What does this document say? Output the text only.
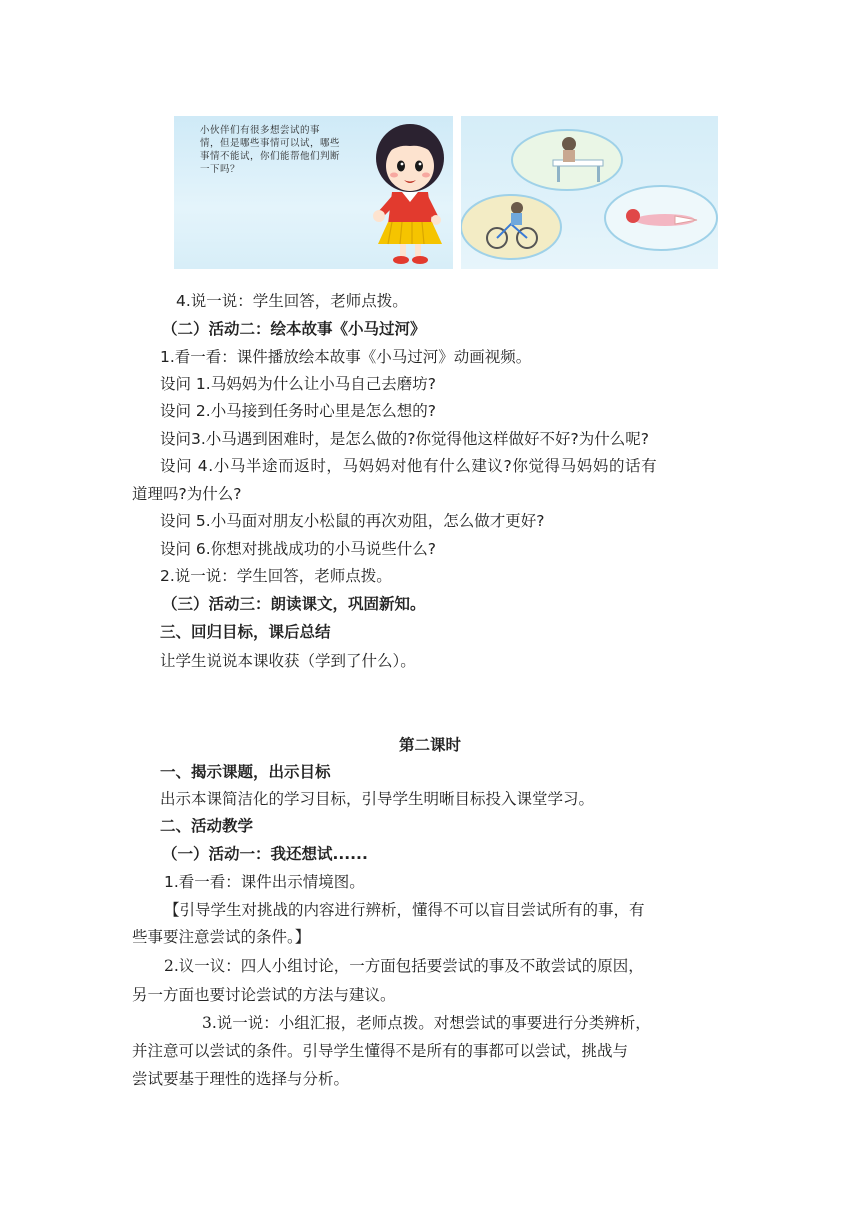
小伙伴们有很多想尝试的事
情，但是哪些事情可以试，哪些
事情不能试，你们能帮他们判断
一下吗？
4.说一说：学生回答，老师点拨。
（二）活动二：绘本故事《小马过河》
1.看一看：课件播放绘本故事《小马过河》动画视频。
设问 1.马妈妈为什么让小马自己去磨坊?
设问 2.小马接到任务时心里是怎么想的?
设问3.小马遇到困难时，是怎么做的?你觉得他这样做好不好?为什么呢?
设问 4.小马半途而返时，马妈妈对他有什么建议?你觉得马妈妈的话有
道理吗?为什么?
设问 5.小马面对朋友小松鼠的再次劝阻，怎么做才更好?
设问 6.你想对挑战成功的小马说些什么?
2.说一说：学生回答，老师点拨。
（三）活动三：朗读课文，巩固新知。
三、回归目标，课后总结
让学生说说本课收获（学到了什么）。
第二课时
一、揭示课题，出示目标
出示本课简洁化的学习目标，引导学生明晰目标投入课堂学习。
二、活动教学
（一）活动一：我还想试......
1.看一看：课件出示情境图。
【引导学生对挑战的内容进行辨析，懂得不可以盲目尝试所有的事，有
些事要注意尝试的条件。】
2.议一议：四人小组讨论，一方面包括要尝试的事及不敢尝试的原因，
另一方面也要讨论尝试的方法与建议。
3.说一说：小组汇报，老师点拨。对想尝试的事要进行分类辨析，
并注意可以尝试的条件。引导学生懂得不是所有的事都可以尝试，挑战与
尝试要基于理性的选择与分析。
